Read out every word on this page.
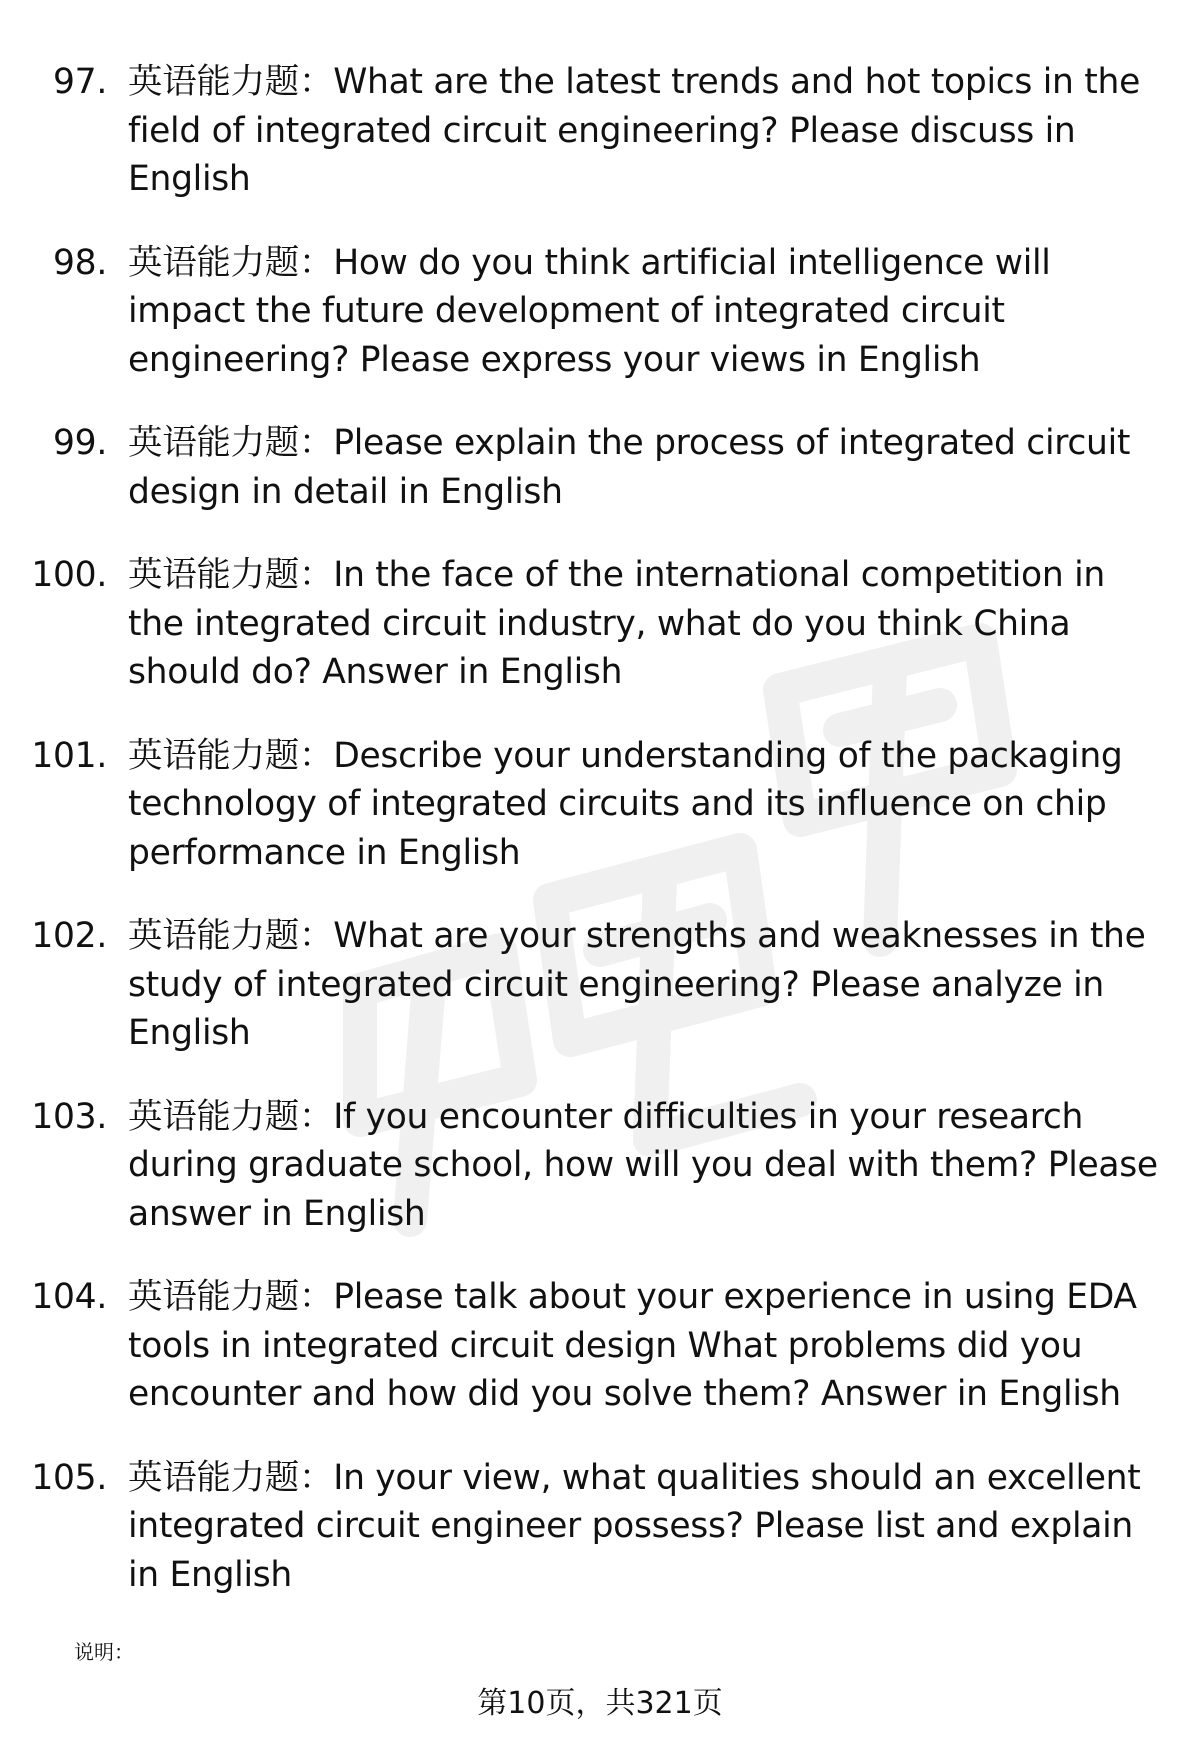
97. 英语能力题：What are the latest trends and hot topics in the field of integrated circuit engineering? Please discuss in English
98. 英语能力题：How do you think artificial intelligence will impact the future development of integrated circuit engineering? Please express your views in English
99. 英语能力题：Please explain the process of integrated circuit design in detail in English
100. 英语能力题：In the face of the international competition in the integrated circuit industry, what do you think China should do? Answer in English
101. 英语能力题：Describe your understanding of the packaging technology of integrated circuits and its influence on chip performance in English
102. 英语能力题：What are your strengths and weaknesses in the study of integrated circuit engineering? Please analyze in English
103. 英语能力题：If you encounter difficulties in your research during graduate school, how will you deal with them? Please answer in English
104. 英语能力题：Please talk about your experience in using EDA tools in integrated circuit design What problems did you encounter and how did you solve them? Answer in English
105. 英语能力题：In your view, what qualities should an excellent integrated circuit engineer possess? Please list and explain in English
说明：
第10页，共321页
